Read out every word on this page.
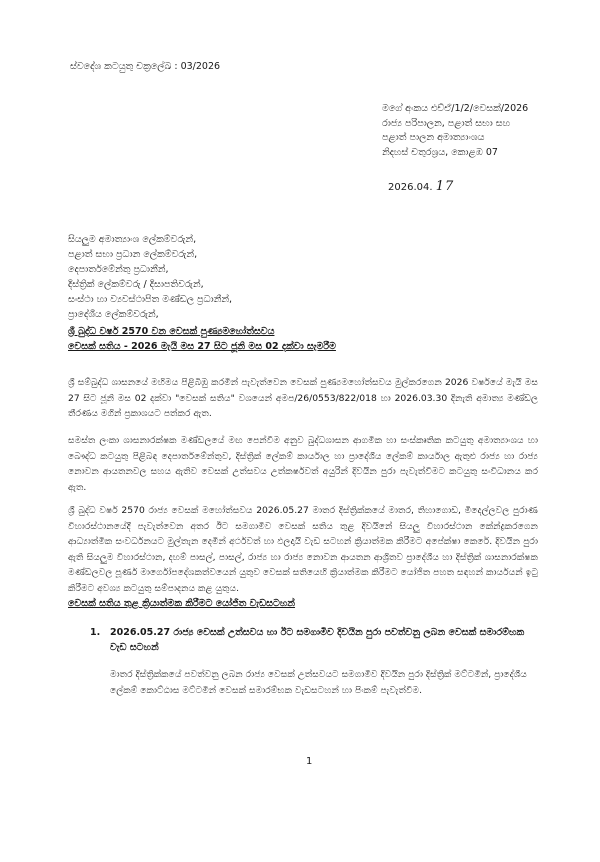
ස්වදේශ කටයුතු චක්‍රලේඛ : 03/2026
මගේ අංකය එච්ඒ/1/2/වෙසක්/2026
රාජ්‍ය පරිපාලන, පළාත් සභා සහ
පළාත් පාලන අමාත්‍යාංශය
නිදහස් චතුරශ්‍රය, කොළඹ 07
2026.04. 17
සියලුම අමාත්‍යාංශ ලේකම්වරුන්,
පළාත් සභා ප්‍රධාන ලේකම්වරුන්,
දෙපාර්තමේන්තු ප්‍රධානීන්,
දිස්ත්‍රික් ලේකම්වරු / දිසාපතිවරුන්,
සංස්ථා හා ව්‍යවස්ථාපිත මණ්ඩල ප්‍රධානීන්,
ප්‍රාදේශීය ලේකම්වරුන්,
ශ්‍රී බුද්ධ වර්ෂ 2570 වන වෙසක් පුණ්‍යමහෝත්සවය
වෙසක් සතිය - 2026 මැයි මස 27 සිට ජූනි මස 02 දක්වා සැමරීම
ශ්‍රී සම්බුද්ධ ශාසනයේ මහිමය පිළිබිඹු කරමින් පැවැත්වෙන වෙසක් පුණ්‍යමහෝත්සවය මුල්කරගෙන 2026 වර්ෂයේ මැයි මස 27 සිට ජූනි මස 02 දක්වා "වෙසක් සතිය" වශයෙන් අමප/26/0553/822/018 හා 2026.03.30 දිනැති අමාත්‍ය මණ්ඩල තීරණය මගින් ප්‍රකාශයට පත්කර ඇත.
සමස්ත ලංකා ශාසනාරක්ෂක මණ්ඩලයේ මඟ පෙන්වීම අනුව බුද්ධශාසන ආගමික හා සංස්කෘතික කටයුතු අමාත්‍යාංශය හා බෞද්ධ කටයුතු පිළිබඳ දෙපාර්තමේන්තුව, දිස්ත්‍රික් ලේකම් කාර්යාල හා ප්‍රාදේශීය ලේකම් කාර්යාල ඇතුළු රාජ්‍ය හා රාජ්‍ය නොවන ආයතනවල සහය ඇතිව වෙසක් උත්සවය උත්කර්ෂවත් අයුරින් දිවයින පුරා පැවැත්වීමට කටයුතු සංවිධානය කර ඇත.
ශ්‍රී බුද්ධ වර්ෂ 2570 රාජ්‍ය වෙසක් මහෝත්සවය 2026.05.27 මාතර දිස්ත්‍රික්කයේ මාතර, තිහාගොඩ, මිදෙල්ලවල පුරාණ විහාරස්ථානයේදී පැවැත්වෙන අතර ඊට සමගාමීව වෙසක් සතිය තුළ දිවයිනේ සියලු විහාරස්ථාන කේන්ද්‍රකරගෙන ආධ්‍යාත්මික සංවර්ධනයට මුල්තැන දෙමින් අර්ථවත් හා ඵලදායි වැඩ සටහන් ක්‍රියාත්මක කිරීමට අපේක්ෂා කෙරේ. දිවයින පුරා ඇති සියලුම විහාරස්ථාන, දහම් පාසල්, පාසල්, රාජ්‍ය හා රාජ්‍ය නොවන ආයතන ආශ්‍රිතව ප්‍රාදේශීය හා දිස්ත්‍රික් ශාසනාරක්ෂක මණ්ඩලවල පූර්ණ මාර්ගෝපදේශකත්වයෙන් යුතුව වෙසක් සතියෙහි ක්‍රියාත්මක කිරීමට යෝජිත පහත සඳහන් කාර්යයන් ඉටු කිරීමට අවශ්‍ය කටයුතු සම්පාදනය කළ යුතුය.
වෙසක් සතිය තුළ ක්‍රියාත්මක කිරීමට යෝජිත වැඩසටහන්
1. 2026.05.27 රාජ්‍ය වෙසක් උත්සවය හා ඊට සමගාමීව දිවයින පුරා පවත්වනු ලබන වෙසක් සමාරම්භක වැඩ සටහන්
මාතර දිස්ත්‍රික්කයේ පවත්වනු ලබන රාජ්‍ය වෙසක් උත්සවයට සමගාමීව දිවයින පුරා දිස්ත්‍රික් මට්ටමින්, ප්‍රාදේශීය ලේකම් කොට්ඨාස මට්ටමින් වෙසක් සමාරම්භක වැඩසටහන් හා පිංකම් පැවැත්වීම.
1
